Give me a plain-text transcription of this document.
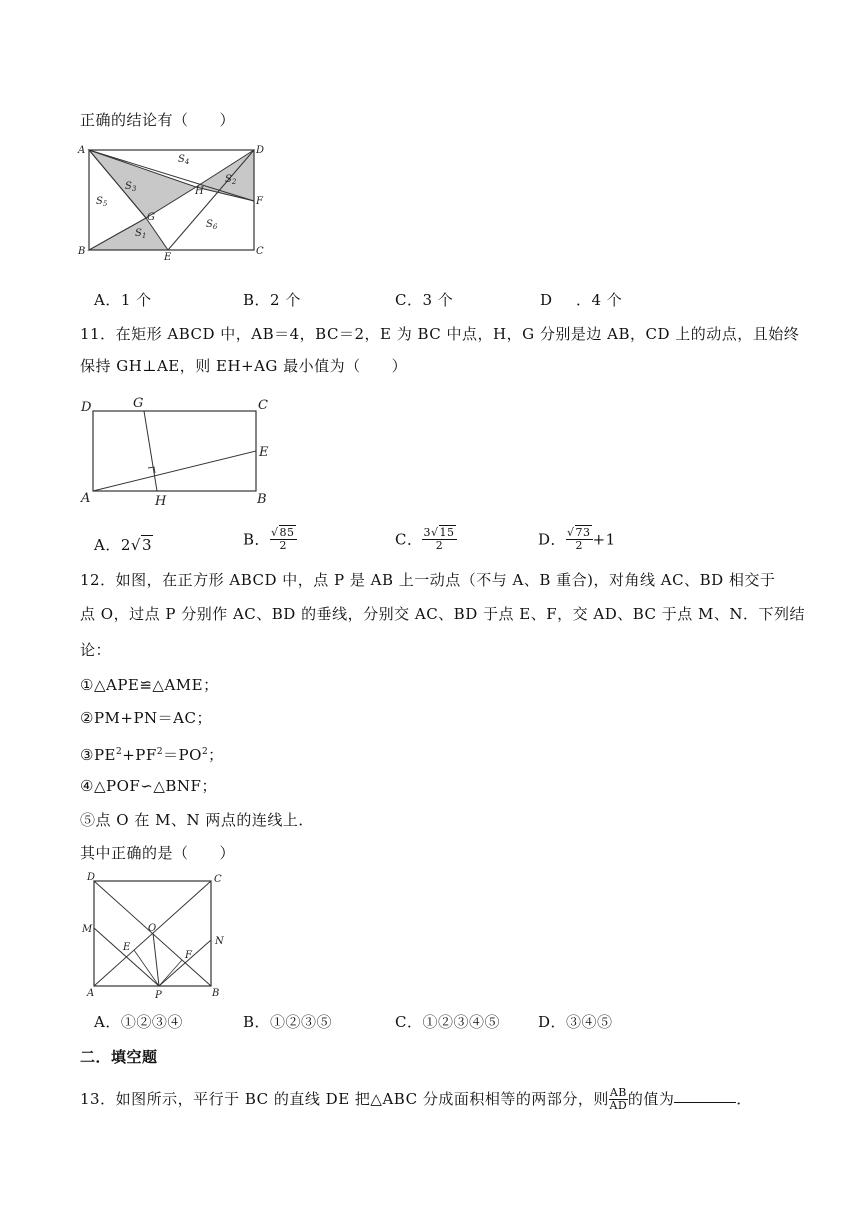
正确的结论有（　　）
A	D
B	C
E
F
G
H
$S_4$
$S_2$
$S_3$
$S_5$
$S_6$
$S_1$
A．1 个	B．2 个	C．3 个	D ．4 个
11．在矩形 ABCD 中，AB＝4，BC＝2，E 为 BC 中点，H，G 分别是边 AB，CD 上的动点，且始终
保持 GH⊥AE，则 EH+AG 最小值为（　　）
D	G	C
E
A	H	B
A．2√3	B． $\frac{√85}{2}$	C． $\frac{3√15}{2}$	D． $\frac{√73}{2} +1$
12．如图，在正方形 ABCD 中，点 P 是 AB 上一动点（不与 A、B 重合)，对角线 AC、BD 相交于
点 O，过点 P 分别作 AC、BD 的垂线，分别交 AC、BD 于点 E、F，交 AD、BC 于点 M、N．下列结
论：
①△APE≌△AME；
②PM+PN＝AC；
$③PE^2+PF^2=PO^2$；
④△POF∽△BNF；
⑤点 O 在 M、N 两点的连线上．
其中正确的是（　　）
D	C
M
N
O
E
F
A	P	B
A．①②③④	B．①②③⑤	C．①②③④⑤	D．③④⑤
二．填空题
13．如图所示，平行于 BC 的直线 DE 把△ABC 分成面积相等的两部分，则 $\frac{AB}{AD}$ 的值为	．
